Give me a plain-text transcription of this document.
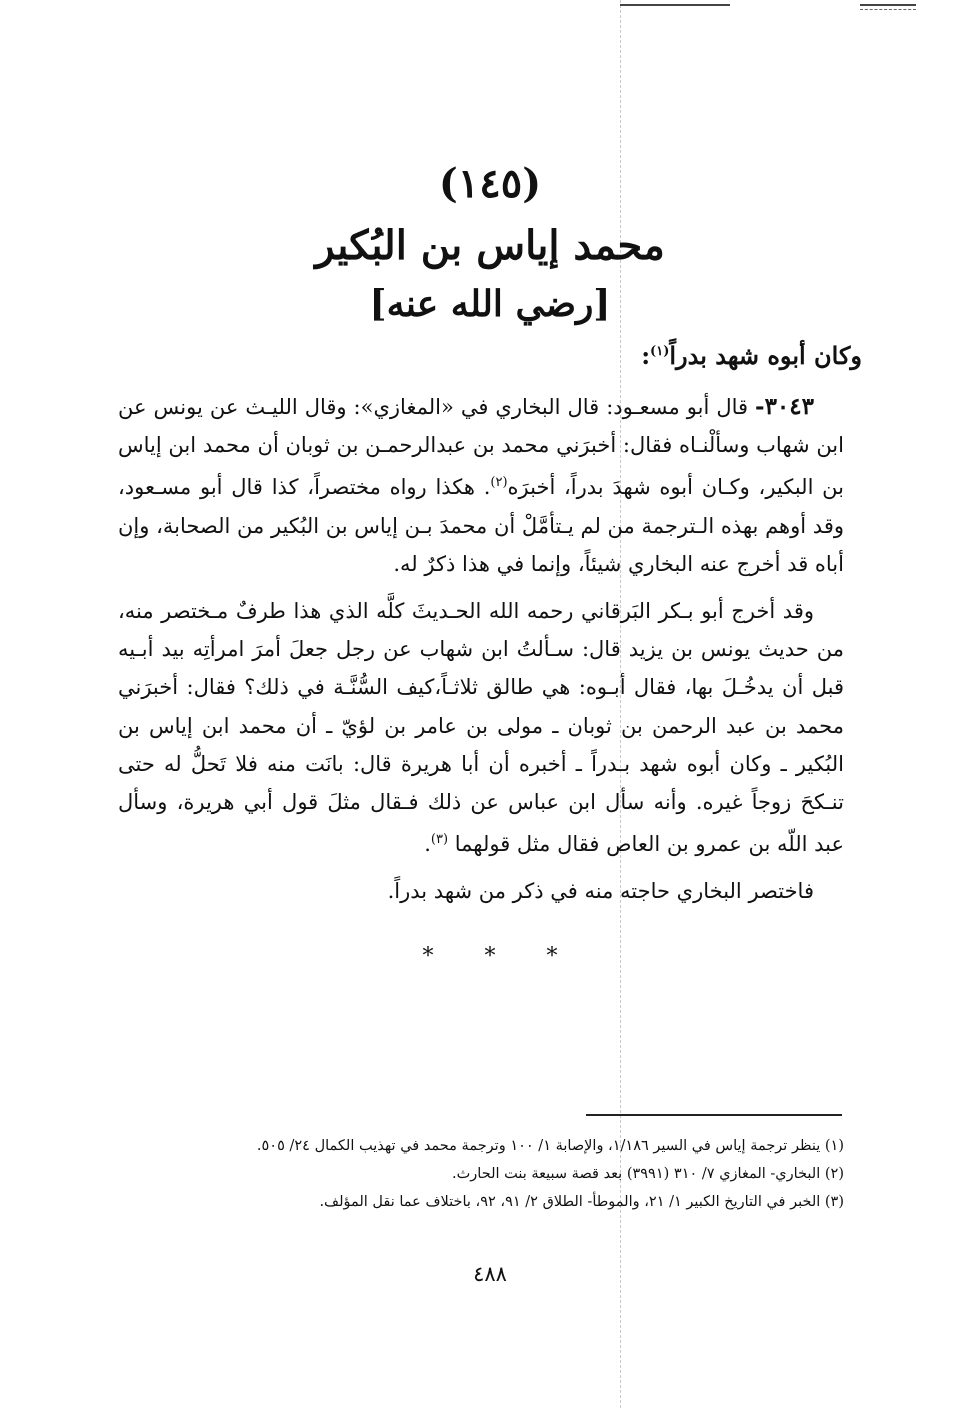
(١٤٥)
محمد إياس بن البُكير
[رضي الله عنه]
وكان أبوه شهد بدراً$^{(١)}$:

٣٠٤٣- قال أبو مسعـود: قال البخاري في «المغازي»: وقال الليـث عن يونس عن ابن شهاب وسألْنـاه فقال: أخبرَني محمد بن عبدالرحمـن بن ثوبان أن محمد ابن إياس بن البكير، وكـان أبوه شهدَ بدراً، أخبرَه$^{(٢)}$. هكذا رواه مختصراً، كذا قال أبو مسـعود، وقد أوهم بهذه الـترجمة من لم يـتأمَّلْ أن محمدَ بـن إياس بن البُكير من الصحابة، وإن أباه قد أخرج عنه البخاري شيئاً، وإنما في هذا ذكرٌ له.

وقد أخرج أبو بـكر البَرقاني رحمه الله الحـديثَ كلَّه الذي هذا طرفٌ مـختصر منه، من حديث يونس بن يزيد قال: سـألتُ ابن شهاب عن رجل جعلَ أمرَ امرأتِه بيد أبـيه قبل أن يدخُـلَ بها، فقال أبـوه: هي طالق ثلاثـاً،كيف السُّنَّـة في ذلك؟ فقال: أخبرَني محمد بن عبد الرحمن بن ثوبان ـ مولى بن عامر بن لؤيّ ـ أن محمد ابن إياس بن البُكير ـ وكان أبوه شهد بـدراً ـ أخبره أن أبا هريرة قال: بانَت منه فلا تَحلُّ له حتى تنـكحَ زوجاً غيره. وأنه سأل ابن عباس عن ذلك فـقال مثلَ قول أبي هريرة، وسأل عبد اللّه بن عمرو بن العاص فقال مثل قولهما $^{(٣)}$.

فاختصر البخاري حاجته منه في ذكر من شهد بدراً.

* * *
(١) ينظر ترجمة إياس في السير ١/١٨٦، والإصابة ١/ ١٠٠ وترجمة محمد في تهذيب الكمال ٢٤/ ٥٠٥.
(٢) البخاري- المغازي ٧/ ٣١٠ (٣٩٩١) بعد قصة سبيعة بنت الحارث.
(٣) الخبر في التاريخ الكبير ١/ ٢١، والموطأ- الطلاق ٢/ ٩١، ٩٢، باختلاف عما نقل المؤلف.
٤٨٨
